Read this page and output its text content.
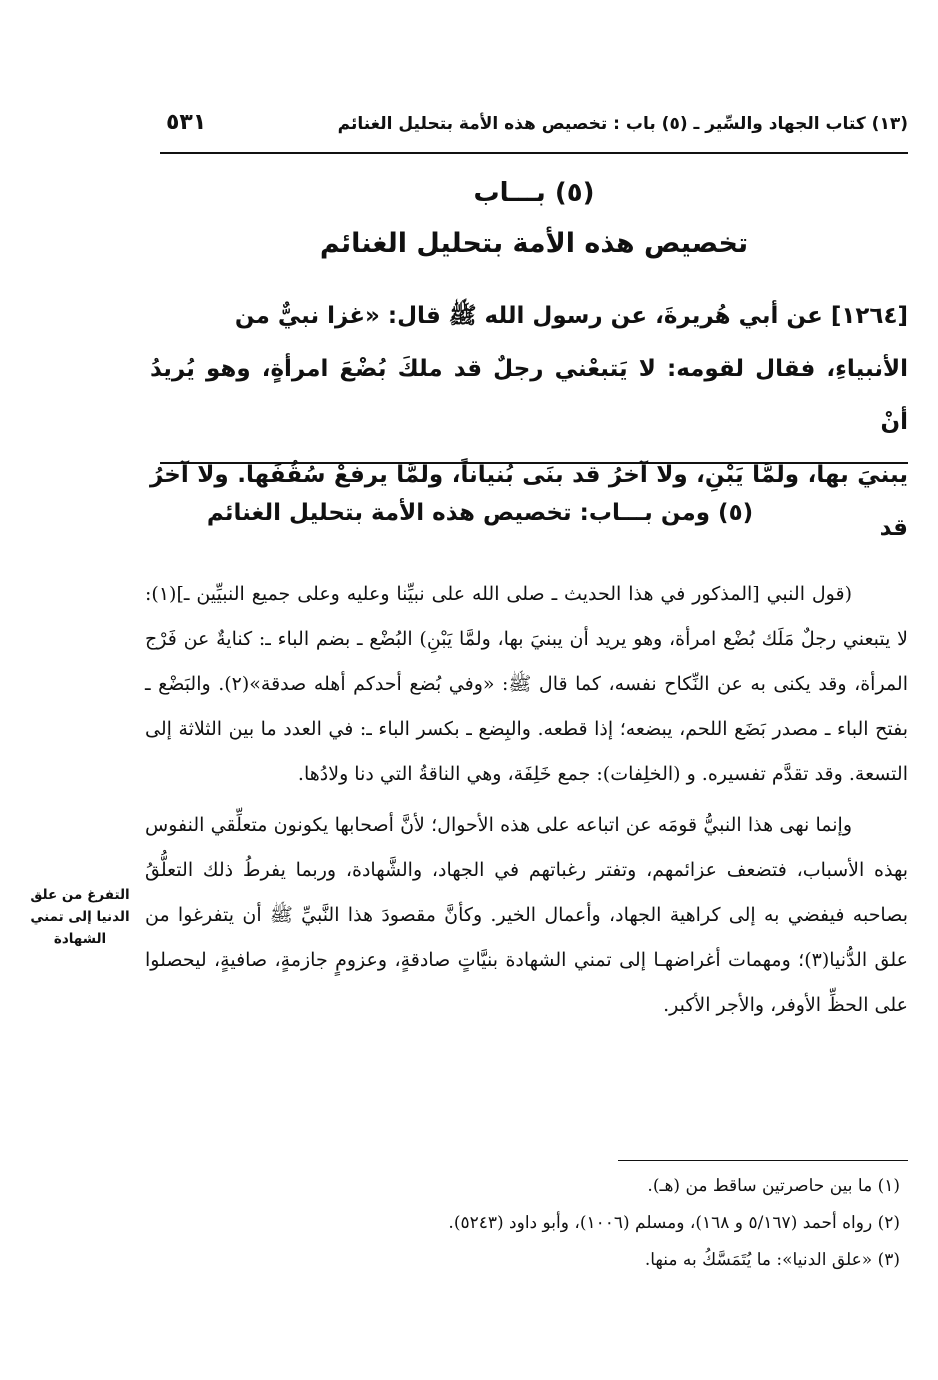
(١٣) كتاب الجهاد والسِّير ـ (٥) باب : تخصيص هذه الأمة بتحليل الغنائم
٥٣١
(٥) بـــاب
تخصيص هذه الأمة بتحليل الغنائم

[١٢٦٤] عن أبي هُريرةَ، عن رسول الله ﷺ قال: «غزا نبيٌّ من

الأنبياءِ، فقال لقومه: لا يَتبعْني رجلٌ قد ملكَ بُضْعَ امرأةٍ، وهو يُريدُ أنْ

يبنيَ بها، ولمَّا يَبْنِ، ولا آخرُ قد بنَى بُنياناً، ولمَّا يرفعْ سُقُفَها. ولا آخرُ قد

(٥) ومن بـــاب: تخصيص هذه الأمة بتحليل الغنائم

(قول النبي [المذكور في هذا الحديث ـ صلى الله على نبيِّنا وعليه وعلى جميع النبيِّين ـ](١): لا يتبعني رجلٌ مَلَك بُضْع امرأة، وهو يريد أن يبنيَ بها، ولمَّا يَبْنِ) البُضْع ـ بضم الباء ـ: كنايةٌ عن فَرْج المرأة، وقد يكنى به عن النِّكاح نفسه، كما قال ﷺ: «وفي بُضع أحدكم أهله صدقة»(٢). والبَضْع ـ بفتح الباء ـ مصدر بَضَع اللحم، يبضعه؛ إذا قطعه. والبِضع ـ بكسر الباء ـ: في العدد ما بين الثلاثة إلى التسعة. وقد تقدَّم تفسيره. و (الخلِفات): جمع خَلِفَة، وهي الناقةُ التي دنا ولادُها.

وإنما نهى هذا النبيُّ قومَه عن اتباعه على هذه الأحوال؛ لأنَّ أصحابها يكونون متعلِّقي النفوس بهذه الأسباب، فتضعف عزائمهم، وتفتر رغباتهم في الجهاد، والشَّهادة، وربما يفرطُ ذلك التعلُّقُ بصاحبه فيفضي به إلى كراهية الجهاد، وأعمال الخير. وكأنَّ مقصودَ هذا النَّبيِّ ﷺ أن يتفرغوا من علق الدُّنيا(٣)؛ ومهمات أغراضهـا إلى تمني الشهادة بنيَّاتٍ صادقةٍ، وعزومٍ جازمةٍ، صافيةٍ، ليحصلوا على الحظِّ الأوفر، والأجر الأكبر.

التفرغ من علق
الدنيا إلى تمني
الشهادة
(١) ما بين حاصرتين ساقط من (هـ).
(٢) رواه أحمد (٥/١٦٧ و ١٦٨)، ومسلم (١٠٠٦)، وأبو داود (٥٢٤٣).
(٣) «علق الدنيا»: ما يُتَمَسَّكُ به منها.
